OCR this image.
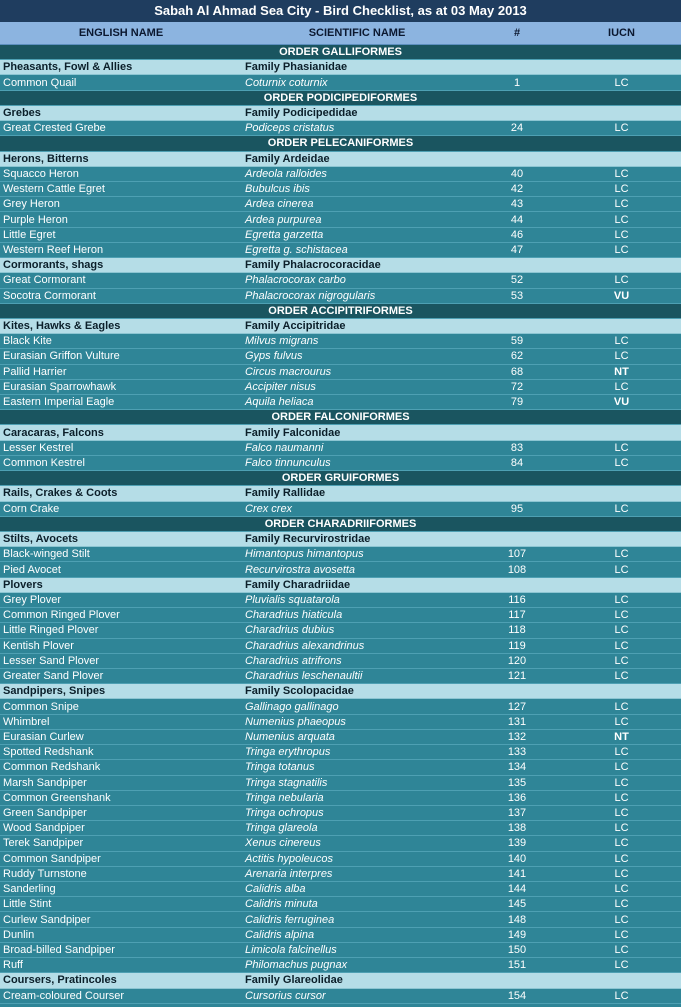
Sabah Al Ahmad Sea City - Bird Checklist, as at 03 May 2013
ENGLISH NAME	SCIENTIFIC NAME	#	IUCN
ORDER GALLIFORMES
Pheasants, Fowl & Allies	Family Phasianidae
Common Quail	Coturnix coturnix	1	LC
ORDER PODICIPEDIFORMES
Grebes	Family Podicipedidae
Great Crested Grebe	Podiceps cristatus	24	LC
ORDER PELECANIFORMES
Herons, Bitterns	Family Ardeidae
Squacco Heron	Ardeola ralloides	40	LC
Western Cattle Egret	Bubulcus ibis	42	LC
Grey Heron	Ardea cinerea	43	LC
Purple Heron	Ardea purpurea	44	LC
Little Egret	Egretta garzetta	46	LC
Western Reef Heron	Egretta g. schistacea	47	LC
Cormorants, shags	Family Phalacrocoracidae
Great Cormorant	Phalacrocorax carbo	52	LC
Socotra Cormorant	Phalacrocorax nigrogularis	53	VU
ORDER ACCIPITRIFORMES
Kites, Hawks & Eagles	Family Accipitridae
Black Kite	Milvus migrans	59	LC
Eurasian Griffon Vulture	Gyps fulvus	62	LC
Pallid Harrier	Circus macrourus	68	NT
Eurasian Sparrowhawk	Accipiter nisus	72	LC
Eastern Imperial Eagle	Aquila heliaca	79	VU
ORDER FALCONIFORMES
Caracaras, Falcons	Family Falconidae
Lesser Kestrel	Falco naumanni	83	LC
Common Kestrel	Falco tinnunculus	84	LC
ORDER GRUIFORMES
Rails, Crakes & Coots	Family Rallidae
Corn Crake	Crex crex	95	LC
ORDER CHARADRIIFORMES
Stilts, Avocets	Family Recurvirostridae
Black-winged Stilt	Himantopus himantopus	107	LC
Pied Avocet	Recurvirostra avosetta	108	LC
Plovers	Family Charadriidae
Grey Plover	Pluvialis squatarola	116	LC
Common Ringed Plover	Charadrius hiaticula	117	LC
Little Ringed Plover	Charadrius dubius	118	LC
Kentish Plover	Charadrius alexandrinus	119	LC
Lesser Sand Plover	Charadrius atrifrons	120	LC
Greater Sand Plover	Charadrius leschenaultii	121	LC
Sandpipers, Snipes	Family Scolopacidae
Common Snipe	Gallinago gallinago	127	LC
Whimbrel	Numenius phaeopus	131	LC
Eurasian Curlew	Numenius arquata	132	NT
Spotted Redshank	Tringa erythropus	133	LC
Common Redshank	Tringa totanus	134	LC
Marsh Sandpiper	Tringa stagnatilis	135	LC
Common Greenshank	Tringa nebularia	136	LC
Green Sandpiper	Tringa ochropus	137	LC
Wood Sandpiper	Tringa glareola	138	LC
Terek Sandpiper	Xenus cinereus	139	LC
Common Sandpiper	Actitis hypoleucos	140	LC
Ruddy Turnstone	Arenaria interpres	141	LC
Sanderling	Calidris alba	144	LC
Little Stint	Calidris minuta	145	LC
Curlew Sandpiper	Calidris ferruginea	148	LC
Dunlin	Calidris alpina	149	LC
Broad-billed Sandpiper	Limicola falcinellus	150	LC
Ruff	Philomachus pugnax	151	LC
Coursers, Pratincoles	Family Glareolidae
Cream-coloured Courser	Cursorius cursor	154	LC
